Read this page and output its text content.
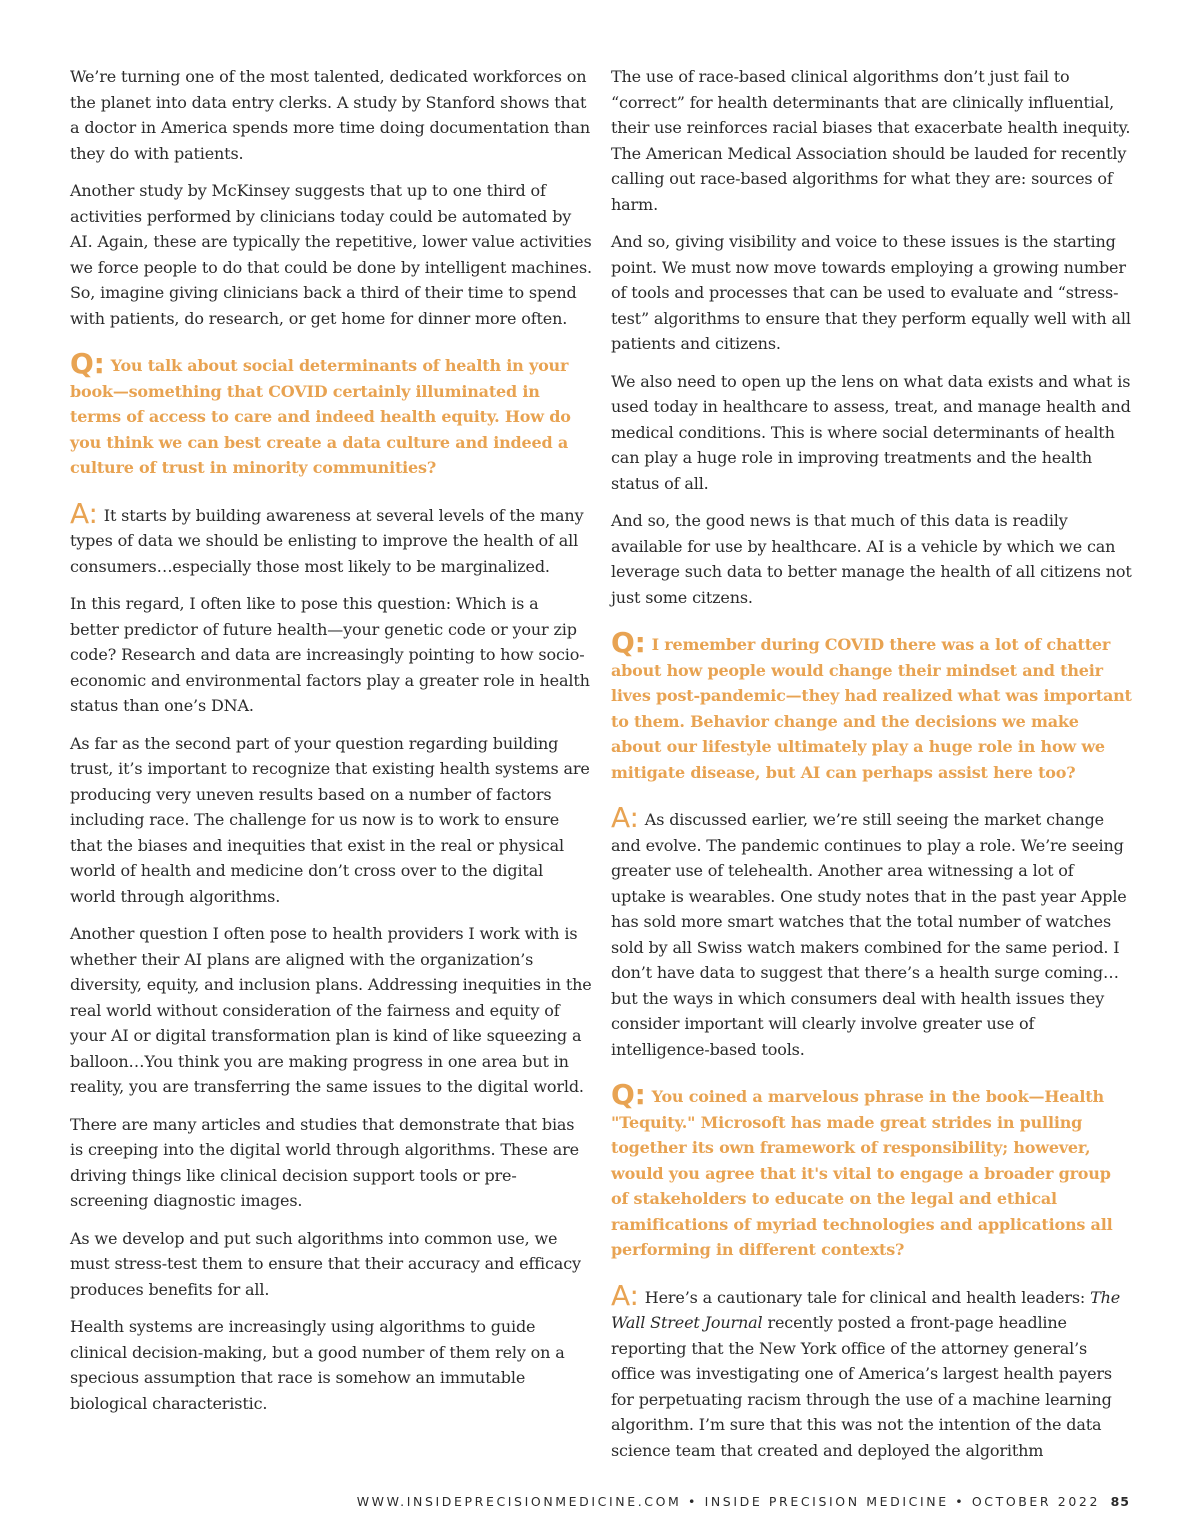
We’re turning one of the most talented, dedicated workforces on the planet into data entry clerks. A study by Stanford shows that a doctor in America spends more time doing documentation than they do with patients.

Another study by McKinsey suggests that up to one third of activities performed by clinicians today could be automated by AI. Again, these are typically the repetitive, lower value activities we force people to do that could be done by intelligent machines. So, imagine giving clinicians back a third of their time to spend with patients, do research, or get home for dinner more often.

Q: You talk about social determinants of health in your book—something that COVID certainly illuminated in terms of access to care and indeed health equity. How do you think we can best create a data culture and indeed a culture of trust in minority communities?

A: It starts by building awareness at several levels of the many types of data we should be enlisting to improve the health of all consumers…especially those most likely to be marginalized.

In this regard, I often like to pose this question: Which is a better predictor of future health—your genetic code or your zip code? Research and data are increasingly pointing to how socio-economic and environmental factors play a greater role in health status than one’s DNA.

As far as the second part of your question regarding building trust, it’s important to recognize that existing health systems are producing very uneven results based on a number of factors including race. The challenge for us now is to work to ensure that the biases and inequities that exist in the real or physical world of health and medicine don’t cross over to the digital world through algorithms.

Another question I often pose to health providers I work with is whether their AI plans are aligned with the organization’s diversity, equity, and inclusion plans. Addressing inequities in the real world without consideration of the fairness and equity of your AI or digital transformation plan is kind of like squeezing a balloon…You think you are making progress in one area but in reality, you are transferring the same issues to the digital world.

There are many articles and studies that demonstrate that bias is creeping into the digital world through algorithms. These are driving things like clinical decision support tools or pre-screening diagnostic images.

As we develop and put such algorithms into common use, we must stress-test them to ensure that their accuracy and efficacy produces benefits for all.

Health systems are increasingly using algorithms to guide clinical decision-making, but a good number of them rely on a specious assumption that race is somehow an immutable biological characteristic.

The use of race-based clinical algorithms don’t just fail to “correct” for health determinants that are clinically influential, their use reinforces racial biases that exacerbate health inequity. The American Medical Association should be lauded for recently calling out race-based algorithms for what they are: sources of harm.

And so, giving visibility and voice to these issues is the starting point. We must now move towards employing a growing number of tools and processes that can be used to evaluate and “stress-test” algorithms to ensure that they perform equally well with all patients and citizens.

We also need to open up the lens on what data exists and what is used today in healthcare to assess, treat, and manage health and medical conditions. This is where social determinants of health can play a huge role in improving treatments and the health status of all.

And so, the good news is that much of this data is readily available for use by healthcare. AI is a vehicle by which we can leverage such data to better manage the health of all citizens not just some citzens.

Q: I remember during COVID there was a lot of chatter about how people would change their mindset and their lives post-pandemic—they had realized what was important to them. Behavior change and the decisions we make about our lifestyle ultimately play a huge role in how we mitigate disease, but AI can perhaps assist here too?

A: As discussed earlier, we’re still seeing the market change and evolve. The pandemic continues to play a role. We’re seeing greater use of telehealth. Another area witnessing a lot of uptake is wearables. One study notes that in the past year Apple has sold more smart watches that the total number of watches sold by all Swiss watch makers combined for the same period. I don’t have data to suggest that there’s a health surge coming…but the ways in which consumers deal with health issues they consider important will clearly involve greater use of intelligence-based tools.

Q: You coined a marvelous phrase in the book—Health "Tequity." Microsoft has made great strides in pulling together its own framework of responsibility; however, would you agree that it's vital to engage a broader group of stakeholders to educate on the legal and ethical ramifications of myriad technologies and applications all performing in different contexts?

A: Here’s a cautionary tale for clinical and health leaders: The Wall Street Journal recently posted a front-page headline reporting that the New York office of the attorney general’s office was investigating one of America’s largest health payers for perpetuating racism through the use of a machine learning algorithm. I’m sure that this was not the intention of the data science team that created and deployed the algorithm

WWW.INSIDEPRECISIONMEDICINE.COM • INSIDE PRECISION MEDICINE • OCTOBER 2022 85
